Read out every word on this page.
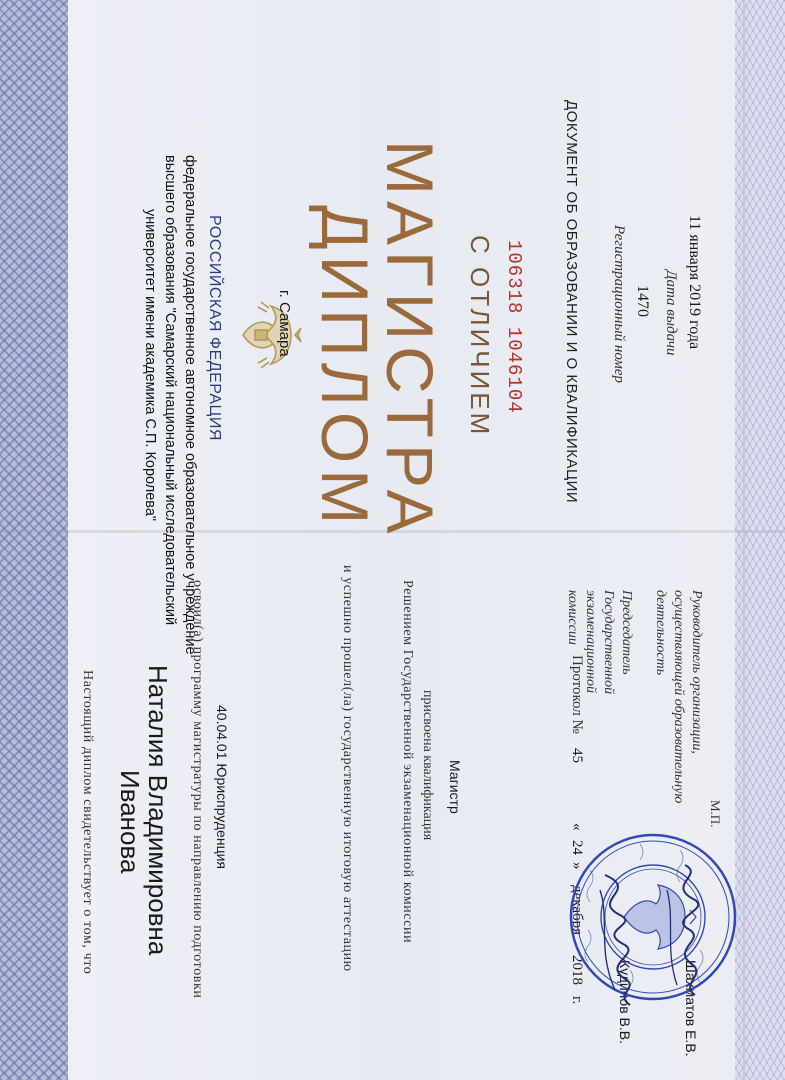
РОССИЙСКАЯ ФЕДЕРАЦИЯ
федеральное государственное автономное образовательное учреждение
высшего образования "Самарский национальный исследовательский
университет имени академика С.П. Королева"	г. Самара ДИПЛОМ
МАГИСТРА С ОТЛИЧИЕМ 106318 1046104	ДОКУМЕНТ ОБ ОБРАЗОВАНИИ И О КВАЛИФИКАЦИИ Регистрационный номер 1470 Дата выдачи 11 января 2019 года
Настоящий диплом свидетельствует о том, что Иванова
Наталия Владимировна освоил(а) программу магистратуры по направлению подготовки 40.04.01 Юриспруденция	и успешно прошел(ла) государственную итоговую аттестацию	Решением Государственной экзаменационной комиссии присвоена квалификация Магистр
Протокол №
45
«
24
»
декабря
2018
г.
Председатель
Государственной
экзаменационной
комиссии
Кудинов В.В.
Руководитель организации,
осуществляющей образовательную
деятельность
Шахматов Е.В.
М.П.
